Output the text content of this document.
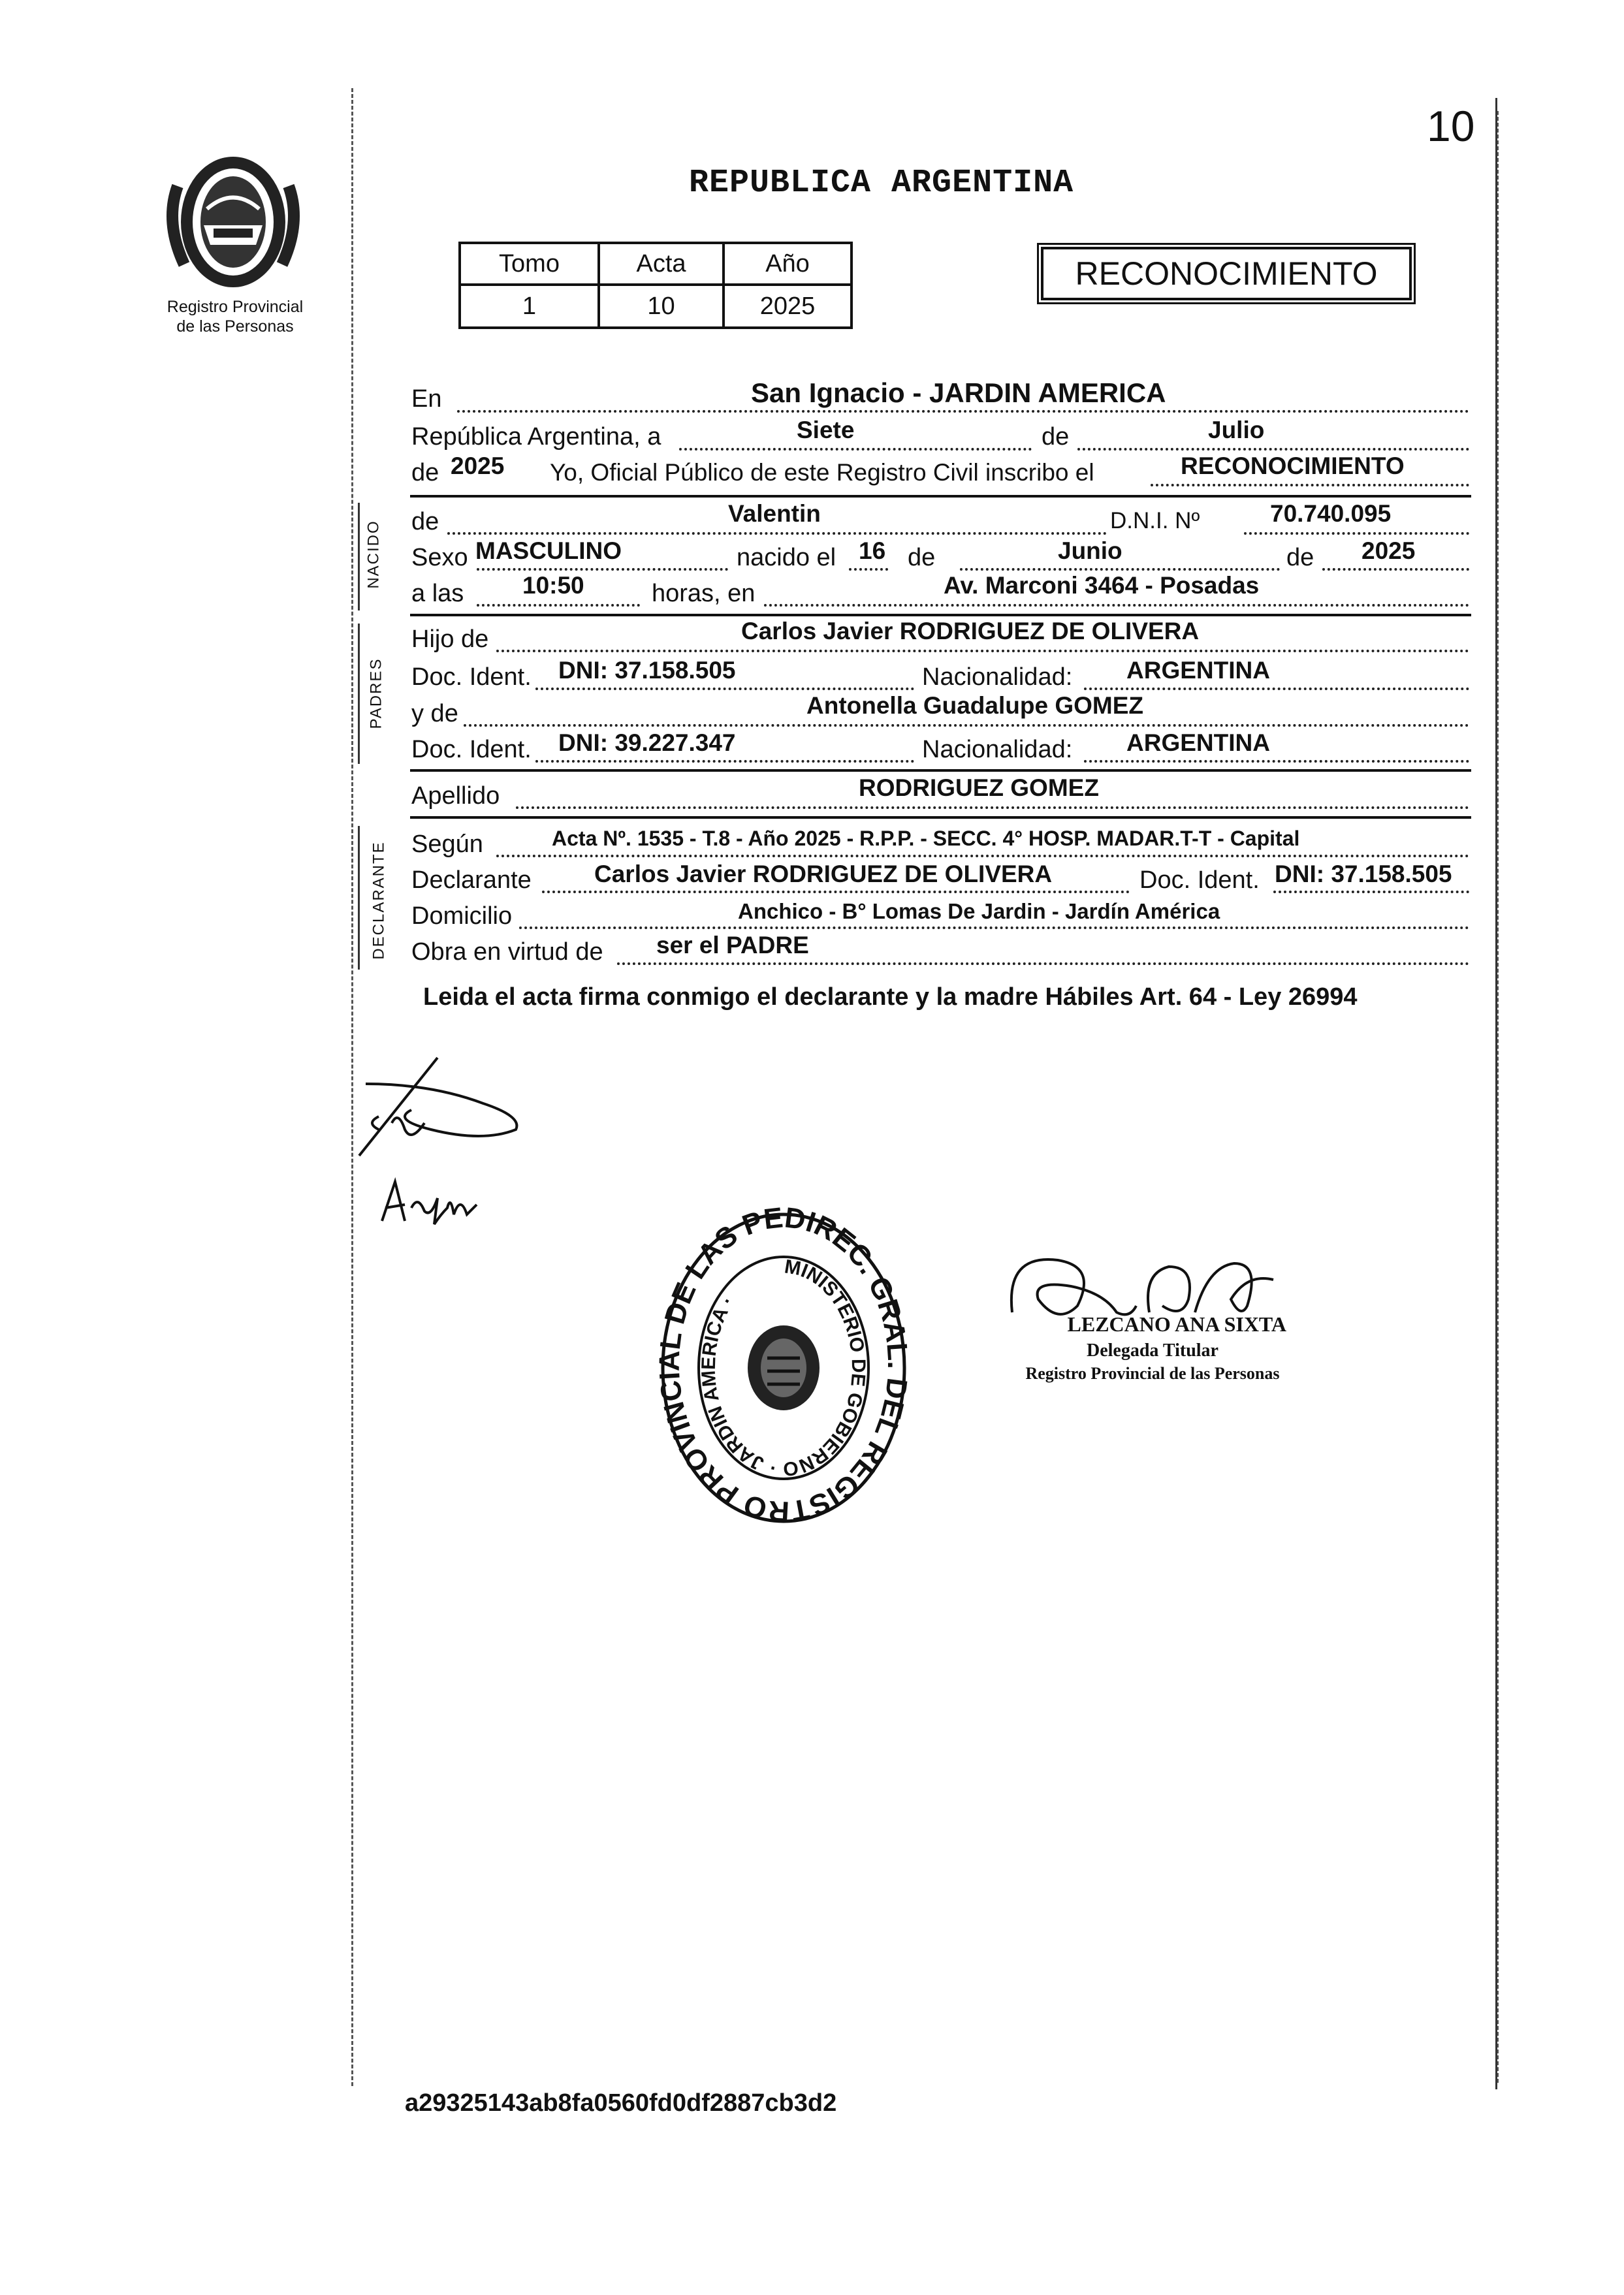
10
Registro Provincial
de las Personas
REPUBLICA ARGENTINA
Tomo	Acta	Año
1	10	2025
RECONOCIMIENTO
En	San Ignacio - JARDIN AMERICA
República Argentina, a	Siete	de	Julio
de 2025 Yo, Oficial Público de este Registro Civil inscribo el	RECONOCIMIENTO
NACIDO de	Valentin	D.N.I. Nº	70.740.095
Sexo MASCULINO	nacido el 16 de	Junio	de 2025
a las 10:50	horas, en	Av. Marconi 3464 - Posadas
PADRES
Hijo de	Carlos Javier RODRIGUEZ DE OLIVERA
Doc. Ident. DNI: 37.158.505	Nacionalidad: ARGENTINA
y de	Antonella Guadalupe GOMEZ
Doc. Ident. DNI: 39.227.347	Nacionalidad: ARGENTINA
Apellido	RODRIGUEZ GOMEZ
DECLARANTE Según	Acta Nº. 1535 - T.8 - Año 2025 - R.P.P. - SECC. 4° HOSP. MADAR.T-T - Capital
Declarante	Carlos Javier RODRIGUEZ DE OLIVERA	Doc. Ident. DNI: 37.158.505
Domicilio	Anchico - B° Lomas De Jardin - Jardín América
Obra en virtud de ser el PADRE
Leida el acta firma conmigo el declarante y la madre Hábiles Art. 64 - Ley 26994
DIREC. GRAL. DEL REGISTRO PROVINCIAL DE LAS PE
MINISTERIO DE GOBIERNO · JARDIN AMERICA ·
LEZCANO ANA SIXTA
Delegada Titular
Registro Provincial de las Personas
a29325143ab8fa0560fd0df2887cb3d2
